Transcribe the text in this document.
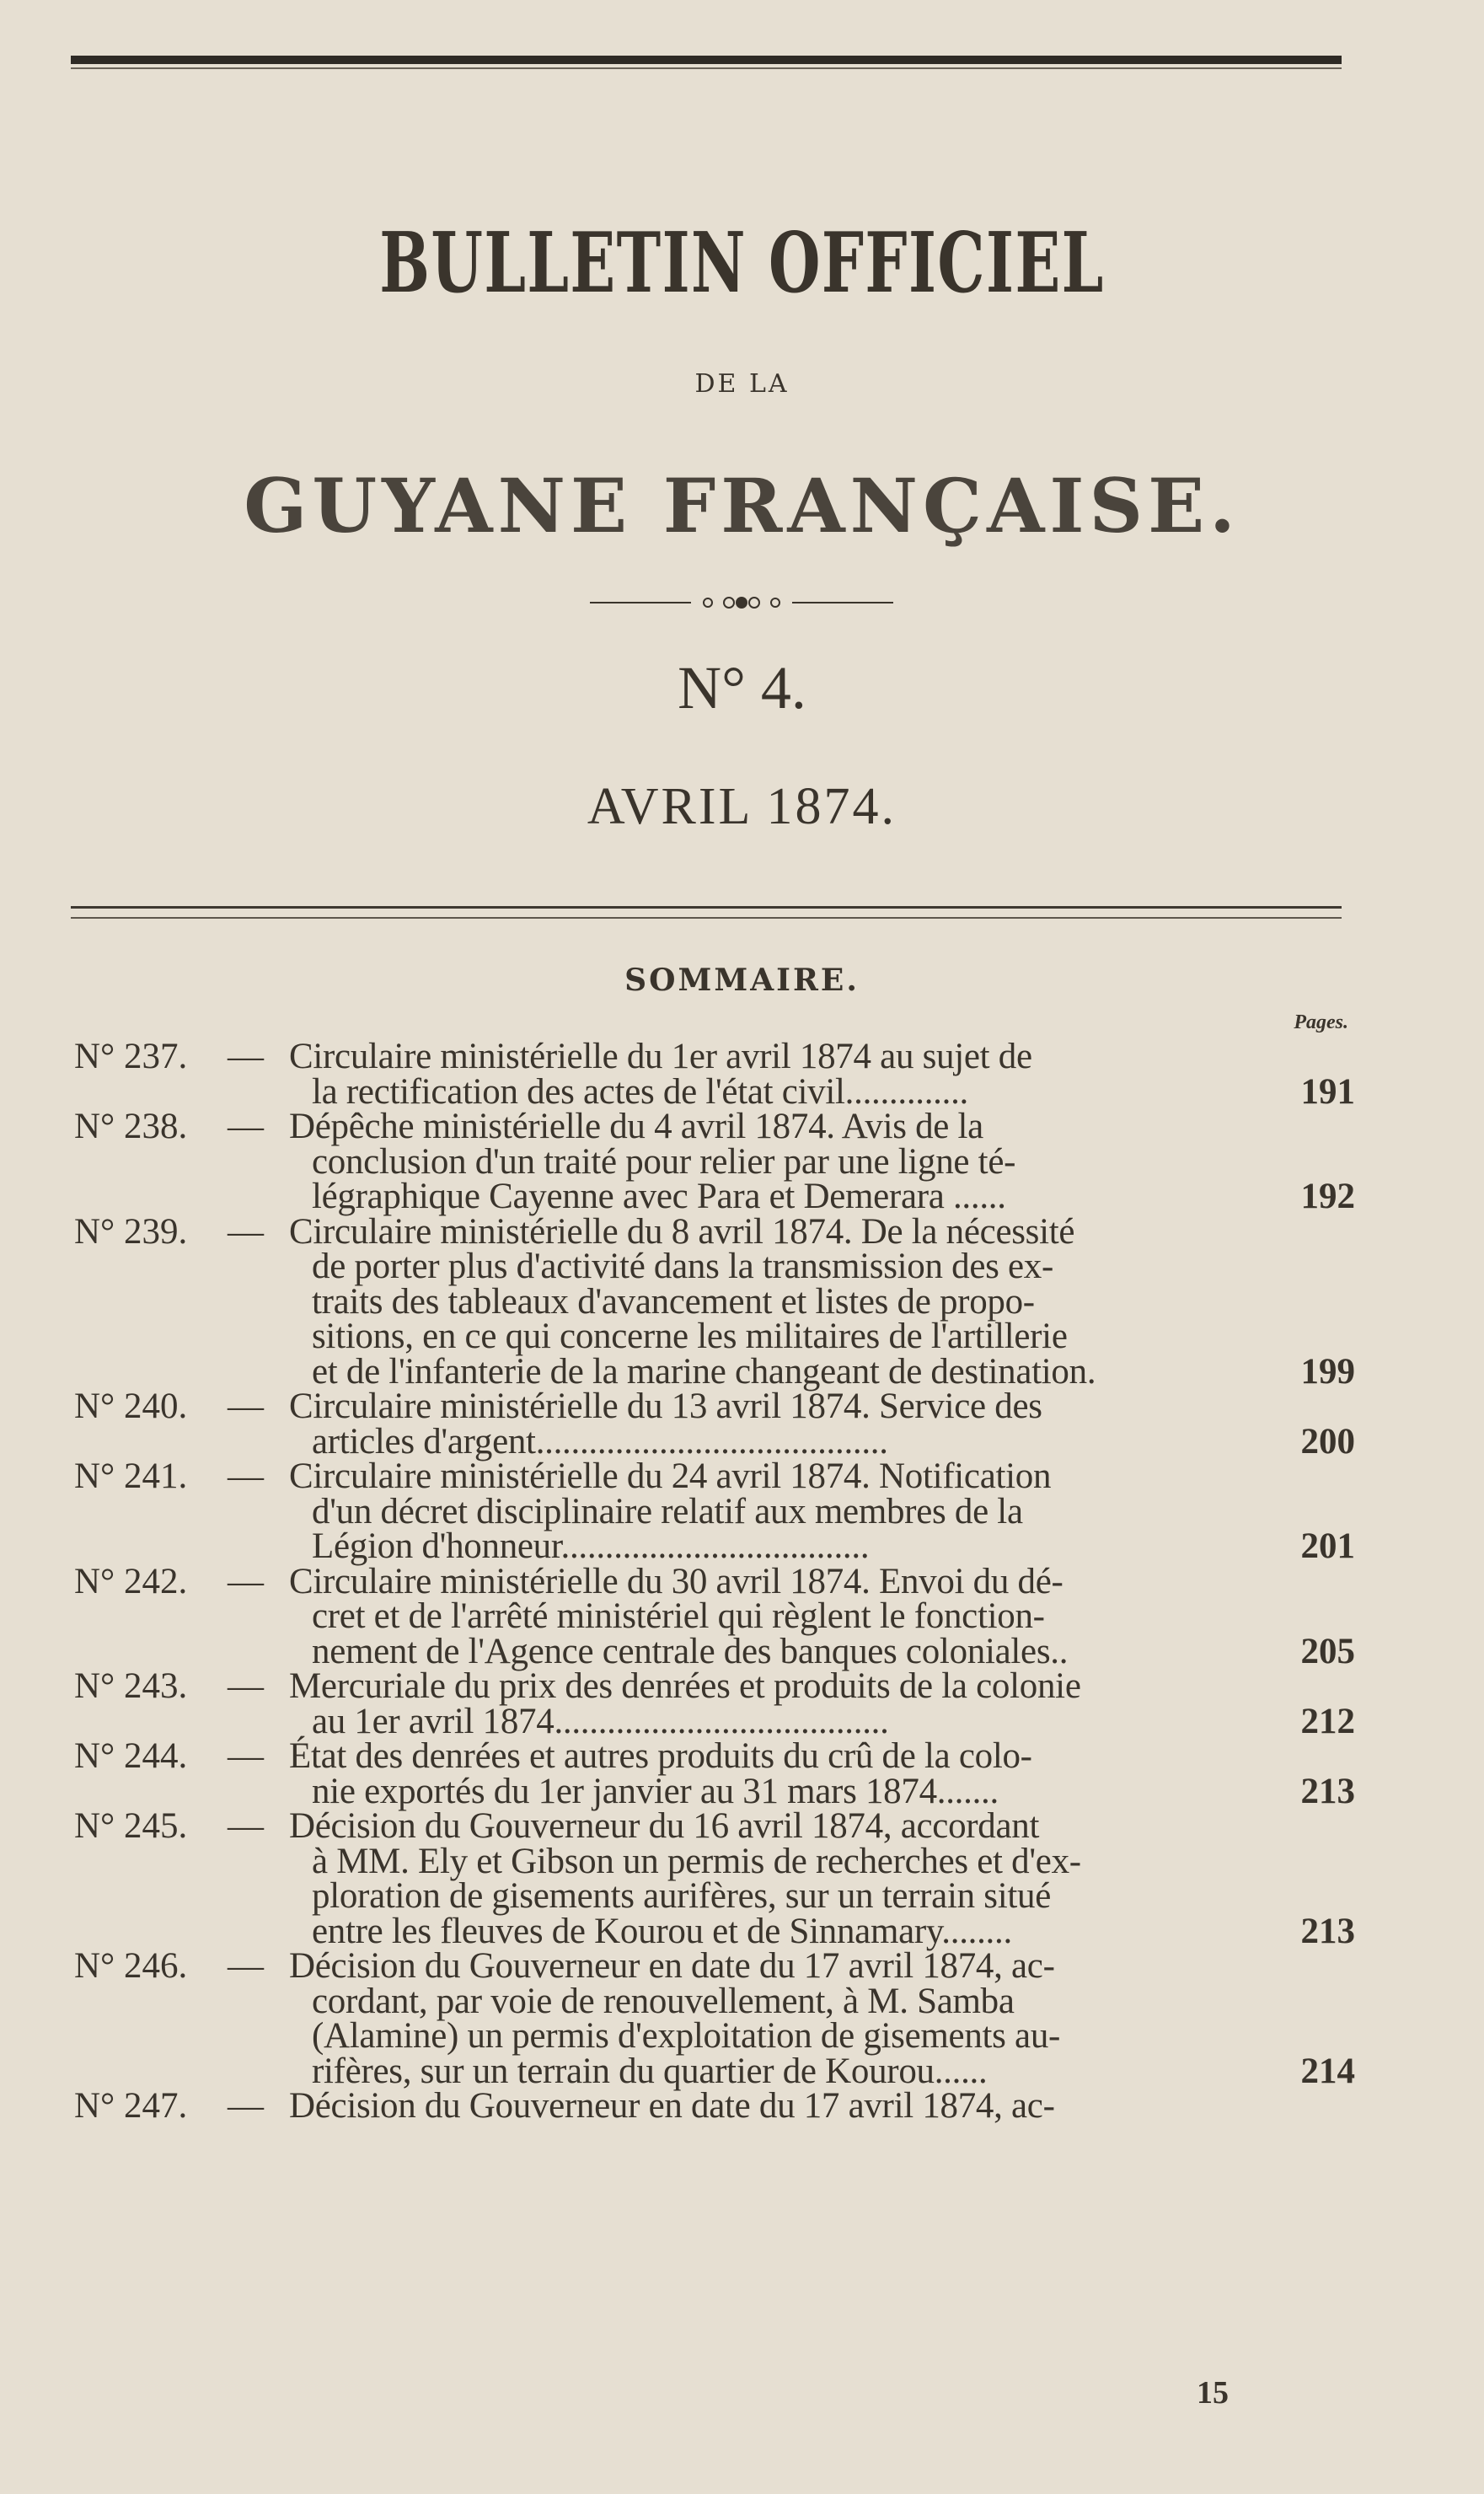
BULLETIN OFFICIEL
DE LA
GUYANE FRANÇAISE.
N° 4.
AVRIL 1874.
SOMMAIRE.
Pages.
N° 237.	— Circulaire ministérielle du 1er avril 1874 au sujet de
la rectification des actes de l'état civil..............	191
N° 238.	— Dépêche ministérielle du 4 avril 1874. Avis de la
conclusion d'un traité pour relier par une ligne té-
légraphique Cayenne avec Para et Demerara ......	192
N° 239.	— Circulaire ministérielle du 8 avril 1874. De la nécessité
de porter plus d'activité dans la transmission des ex-
traits des tableaux d'avancement et listes de propo-
sitions, en ce qui concerne les militaires de l'artillerie
et de l'infanterie de la marine changeant de destination.	199
N° 240.	— Circulaire ministérielle du 13 avril 1874. Service des
articles d'argent........................................	200
N° 241.	— Circulaire ministérielle du 24 avril 1874. Notification
d'un décret disciplinaire relatif aux membres de la
Légion d'honneur...................................	201
N° 242.	— Circulaire ministérielle du 30 avril 1874. Envoi du dé-
cret et de l'arrêté ministériel qui règlent le fonction-
nement de l'Agence centrale des banques coloniales..	205
N° 243.	— Mercuriale du prix des denrées et produits de la colonie
au 1er avril 1874......................................	212
N° 244.	— État des denrées et autres produits du crû de la colo-
nie exportés du 1er janvier au 31 mars 1874.......	213
N° 245.	— Décision du Gouverneur du 16 avril 1874, accordant
à MM. Ely et Gibson un permis de recherches et d'ex-
ploration de gisements aurifères, sur un terrain situé
entre les fleuves de Kourou et de Sinnamary........	213
N° 246.	— Décision du Gouverneur en date du 17 avril 1874, ac-
cordant, par voie de renouvellement, à M. Samba
(Alamine) un permis d'exploitation de gisements au-
rifères, sur un terrain du quartier de Kourou......	214
N° 247.	— Décision du Gouverneur en date du 17 avril 1874, ac-
15
